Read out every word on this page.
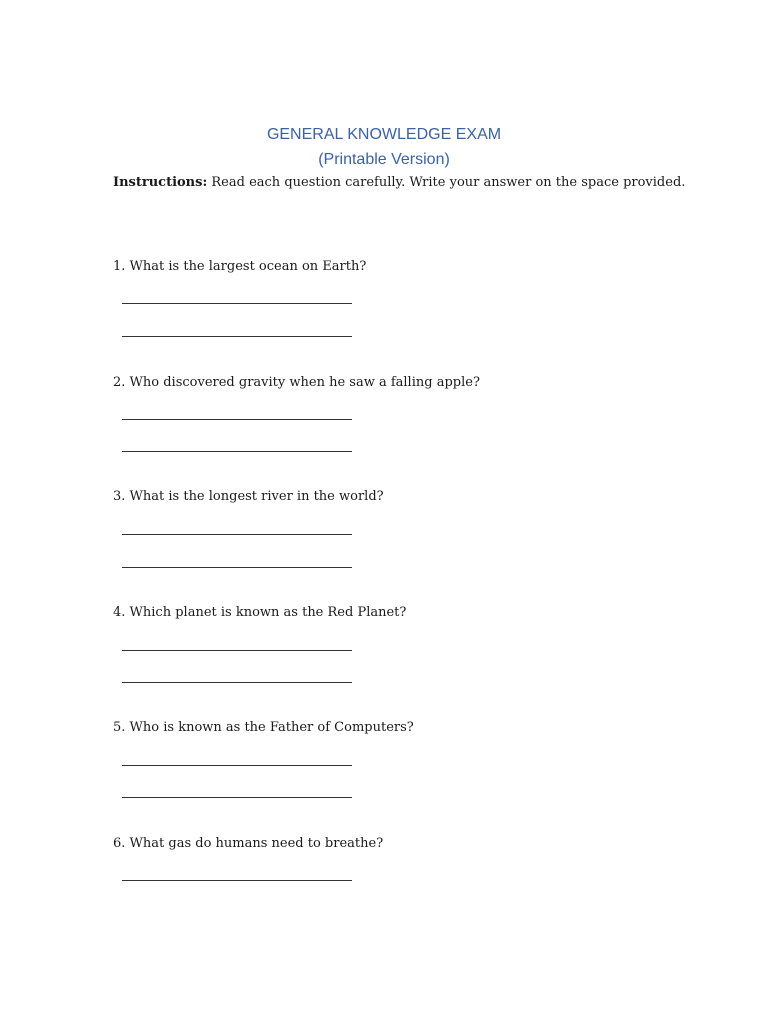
GENERAL KNOWLEDGE EXAM
(Printable Version)
Instructions: Read each question carefully. Write your answer on the space provided.
1. What is the largest ocean on Earth?
2. Who discovered gravity when he saw a falling apple?
3. What is the longest river in the world?
4. Which planet is known as the Red Planet?
5. Who is known as the Father of Computers?
6. What gas do humans need to breathe?
